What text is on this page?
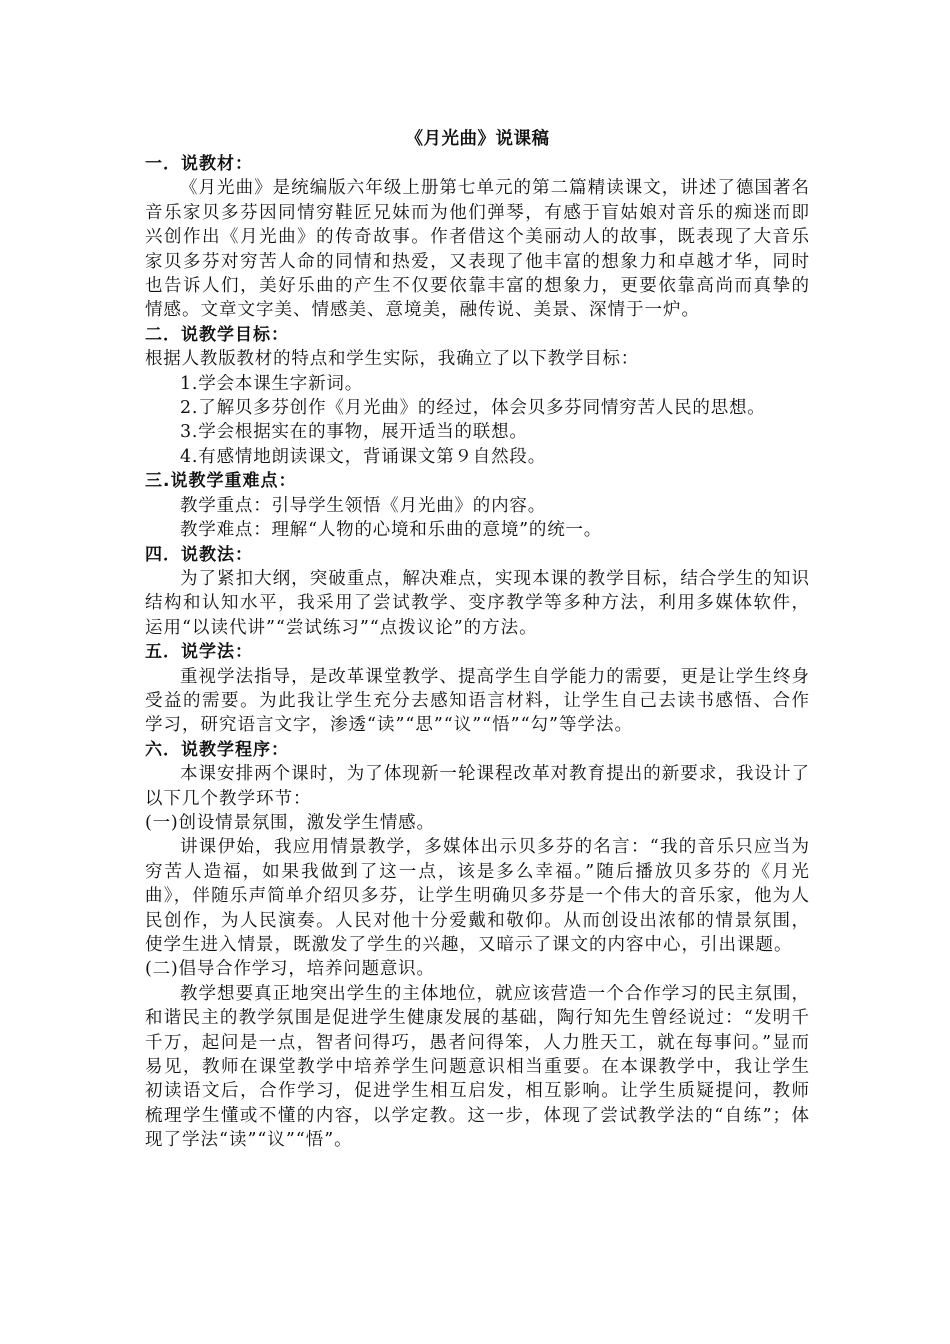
《月光曲》说课稿
一．说教材：

《月光曲》是统编版六年级上册第七单元的第二篇精读课文，讲述了德国著名音乐家贝多芬因同情穷鞋匠兄妹而为他们弹琴，有感于盲姑娘对音乐的痴迷而即兴创作出《月光曲》的传奇故事。作者借这个美丽动人的故事，既表现了大音乐家贝多芬对穷苦人命的同情和热爱，又表现了他丰富的想象力和卓越才华，同时也告诉人们，美好乐曲的产生不仅要依靠丰富的想象力，更要依靠高尚而真挚的情感。文章文字美、情感美、意境美，融传说、美景、深情于一炉。

二．说教学目标：

根据人教版教材的特点和学生实际，我确立了以下教学目标：

1.学会本课生字新词。
2.了解贝多芬创作《月光曲》的经过，体会贝多芬同情穷苦人民的思想。
3.学会根据实在的事物，展开适当的联想。
4.有感情地朗读课文，背诵课文第９自然段。
三.说教学重难点：
教学重点：引导学生领悟《月光曲》的内容。
教学难点：理解“人物的心境和乐曲的意境”的统一。
四．说教法：

为了紧扣大纲，突破重点，解决难点，实现本课的教学目标，结合学生的知识结构和认知水平，我采用了尝试教学、变序教学等多种方法，利用多媒体软件，运用“以读代讲”“尝试练习”“点拨议论”的方法。

五．说学法：

重视学法指导，是改革课堂教学、提高学生自学能力的需要，更是让学生终身受益的需要。为此我让学生充分去感知语言材料，让学生自己去读书感悟、合作学习，研究语言文字，渗透“读”“思”“议”“悟”“勾”等学法。

六．说教学程序：

本课安排两个课时，为了体现新一轮课程改革对教育提出的新要求，我设计了以下几个教学环节：

(一)创设情景氛围，激发学生情感。

讲课伊始，我应用情景教学，多媒体出示贝多芬的名言：“我的音乐只应当为穷苦人造福，如果我做到了这一点，该是多么幸福。”随后播放贝多芬的《月光曲》，伴随乐声简单介绍贝多芬，让学生明确贝多芬是一个伟大的音乐家，他为人民创作，为人民演奏。人民对他十分爱戴和敬仰。从而创设出浓郁的情景氛围，使学生进入情景，既激发了学生的兴趣，又暗示了课文的内容中心，引出课题。

(二)倡导合作学习，培养问题意识。

教学想要真正地突出学生的主体地位，就应该营造一个合作学习的民主氛围，和谐民主的教学氛围是促进学生健康发展的基础，陶行知先生曾经说过：“发明千千万，起问是一点，智者问得巧，愚者问得笨，人力胜天工，就在每事问。”显而易见，教师在课堂教学中培养学生问题意识相当重要。在本课教学中，我让学生初读语文后，合作学习，促进学生相互启发，相互影响。让学生质疑提问，教师梳理学生懂或不懂的内容，以学定教。这一步，体现了尝试教学法的“自练”；体现了学法“读”“议”“悟”。
